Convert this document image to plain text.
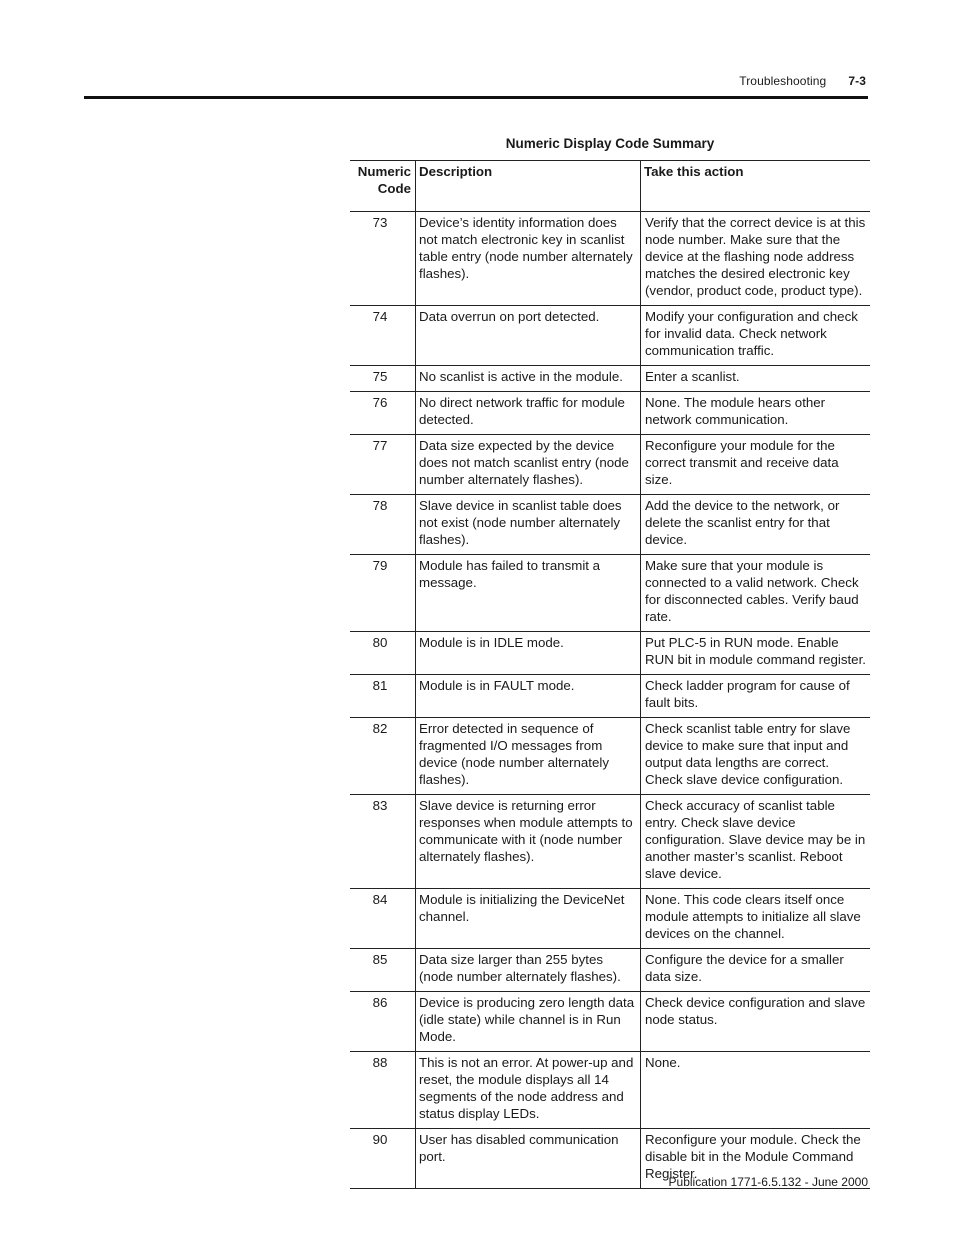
Troubleshooting 7-3
Numeric Display Code Summary
Numeric Code	Description	Take this action
73	Device’s identity information does not match electronic key in scanlist table entry (node number alternately flashes).	Verify that the correct device is at this node number. Make sure that the device at the flashing node address matches the desired electronic key (vendor, product code, product type).
74	Data overrun on port detected.	Modify your configuration and check for invalid data. Check network communication traffic.
75	No scanlist is active in the module.	Enter a scanlist.
76	No direct network traffic for module detected.	None. The module hears other network communication.
77	Data size expected by the device does not match scanlist entry (node number alternately flashes).	Reconfigure your module for the correct transmit and receive data size.
78	Slave device in scanlist table does not exist (node number alternately flashes).	Add the device to the network, or delete the scanlist entry for that device.
79	Module has failed to transmit a message.	Make sure that your module is connected to a valid network. Check for disconnected cables. Verify baud rate.
80	Module is in IDLE mode.	Put PLC-5 in RUN mode. Enable RUN bit in module command register.
81	Module is in FAULT mode.	Check ladder program for cause of fault bits.
82	Error detected in sequence of fragmented I/O messages from device (node number alternately flashes).	Check scanlist table entry for slave device to make sure that input and output data lengths are correct. Check slave device configuration.
83	Slave device is returning error responses when module attempts to communicate with it (node number alternately flashes).	Check accuracy of scanlist table entry. Check slave device configuration. Slave device may be in another master’s scanlist. Reboot slave device.
84	Module is initializing the DeviceNet channel.	None. This code clears itself once module attempts to initialize all slave devices on the channel.
85	Data size larger than 255 bytes (node number alternately flashes).	Configure the device for a smaller data size.
86	Device is producing zero length data (idle state) while channel is in Run Mode.	Check device configuration and slave node status.
88	This is not an error. At power-up and reset, the module displays all 14 segments of the node address and status display LEDs.	None.
90	User has disabled communication port.	Reconfigure your module. Check the disable bit in the Module Command Register.
Publication 1771-6.5.132 - June 2000
